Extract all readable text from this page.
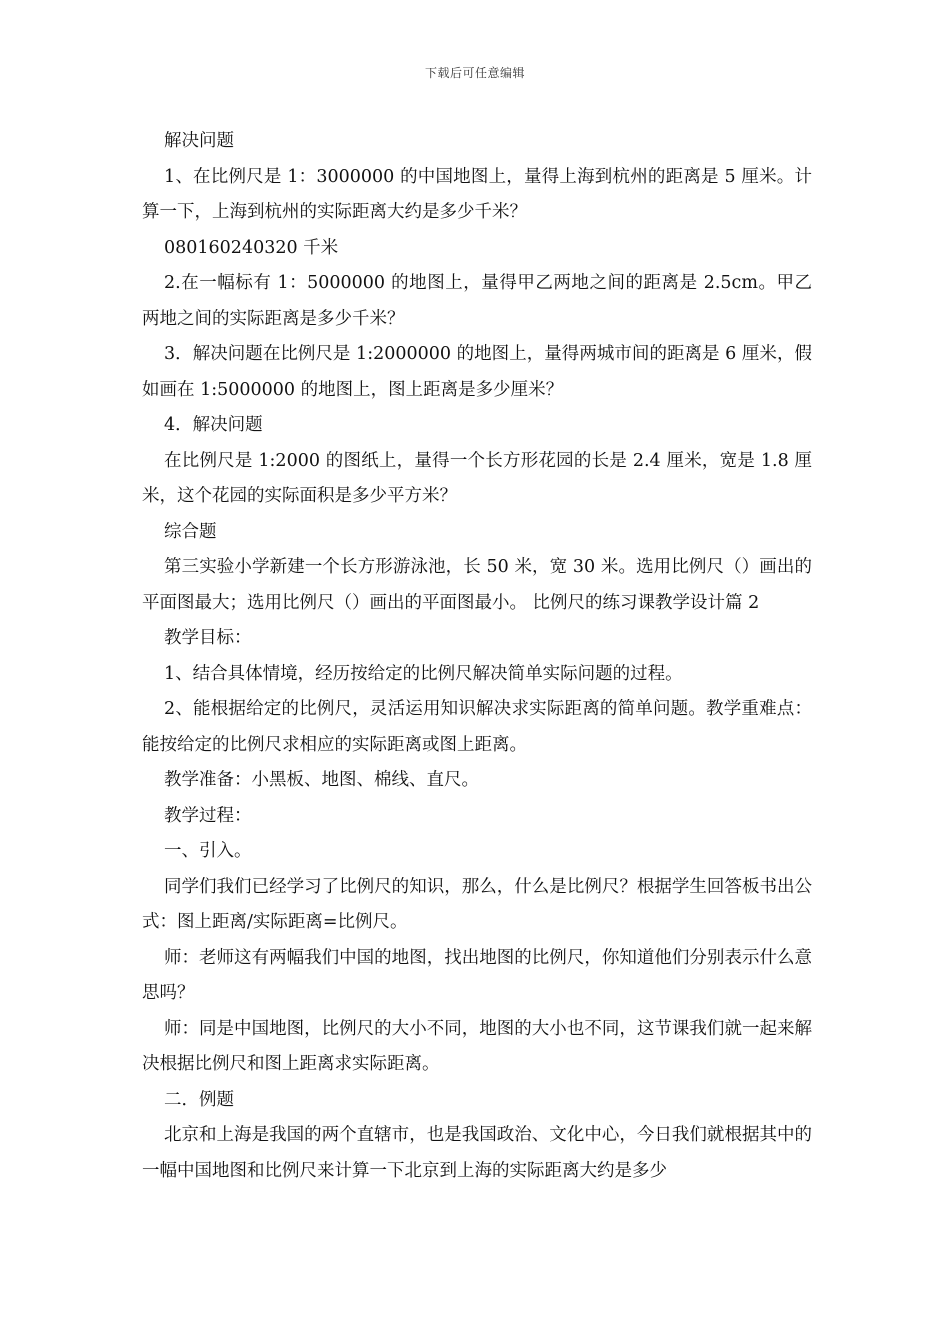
下载后可任意编辑

解决问题

1、在比例尺是 1：3000000 的中国地图上，量得上海到杭州的距离是 5 厘米。计算一下，上海到杭州的实际距离大约是多少千米？

080160240320 千米

2.在一幅标有 1：5000000 的地图上，量得甲乙两地之间的距离是 2.5cm。甲乙两地之间的实际距离是多少千米？

3．解决问题在比例尺是 1:2000000 的地图上，量得两城市间的距离是 6 厘米，假如画在 1:5000000 的地图上，图上距离是多少厘米？

4．解决问题

在比例尺是 1:2000 的图纸上，量得一个长方形花园的长是 2.4 厘米，宽是 1.8 厘米，这个花园的实际面积是多少平方米？

综合题

第三实验小学新建一个长方形游泳池，长 50 米，宽 30 米。选用比例尺（）画出的平面图最大；选用比例尺（）画出的平面图最小。 比例尺的练习课教学设计篇 2

教学目标：

1、结合具体情境，经历按给定的比例尺解决简单实际问题的过程。

2、能根据给定的比例尺，灵活运用知识解决求实际距离的简单问题。教学重难点：能按给定的比例尺求相应的实际距离或图上距离。

教学准备：小黑板、地图、棉线、直尺。

教学过程：

一、引入。

同学们我们已经学习了比例尺的知识，那么，什么是比例尺？根据学生回答板书出公式：图上距离/实际距离=比例尺。

师：老师这有两幅我们中国的地图，找出地图的比例尺，你知道他们分别表示什么意思吗？

师：同是中国地图，比例尺的大小不同，地图的大小也不同，这节课我们就一起来解决根据比例尺和图上距离求实际距离。

二．例题

北京和上海是我国的两个直辖市，也是我国政治、文化中心，今日我们就根据其中的一幅中国地图和比例尺来计算一下北京到上海的实际距离大约是多少
